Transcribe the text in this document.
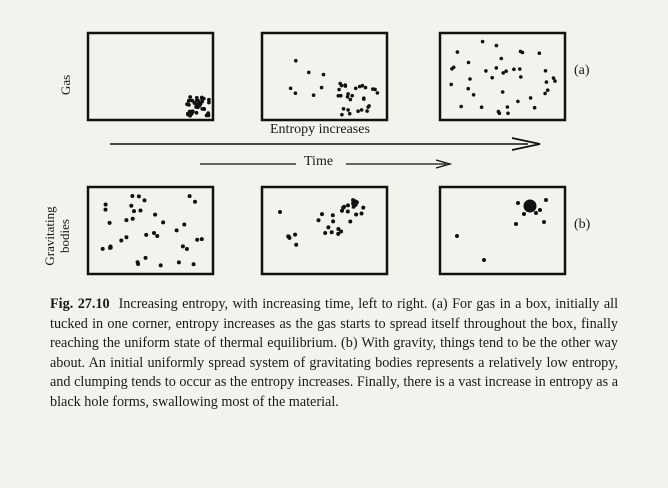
Gas
Gravitating bodies
(a)
(b)
Entropy increases
Time
Fig. 27.10 Increasing entropy, with increasing time, left to right. (a) For gas in a box, initially all tucked in one corner, entropy increases as the gas starts to spread itself throughout the box, finally reaching the uniform state of thermal equilibrium. (b) With gravity, things tend to be the other way about. An initial uniformly spread system of gravitating bodies represents a relatively low entropy, and clumping tends to occur as the entropy increases. Finally, there is a vast increase in entropy as a black hole forms, swallowing most of the material.
